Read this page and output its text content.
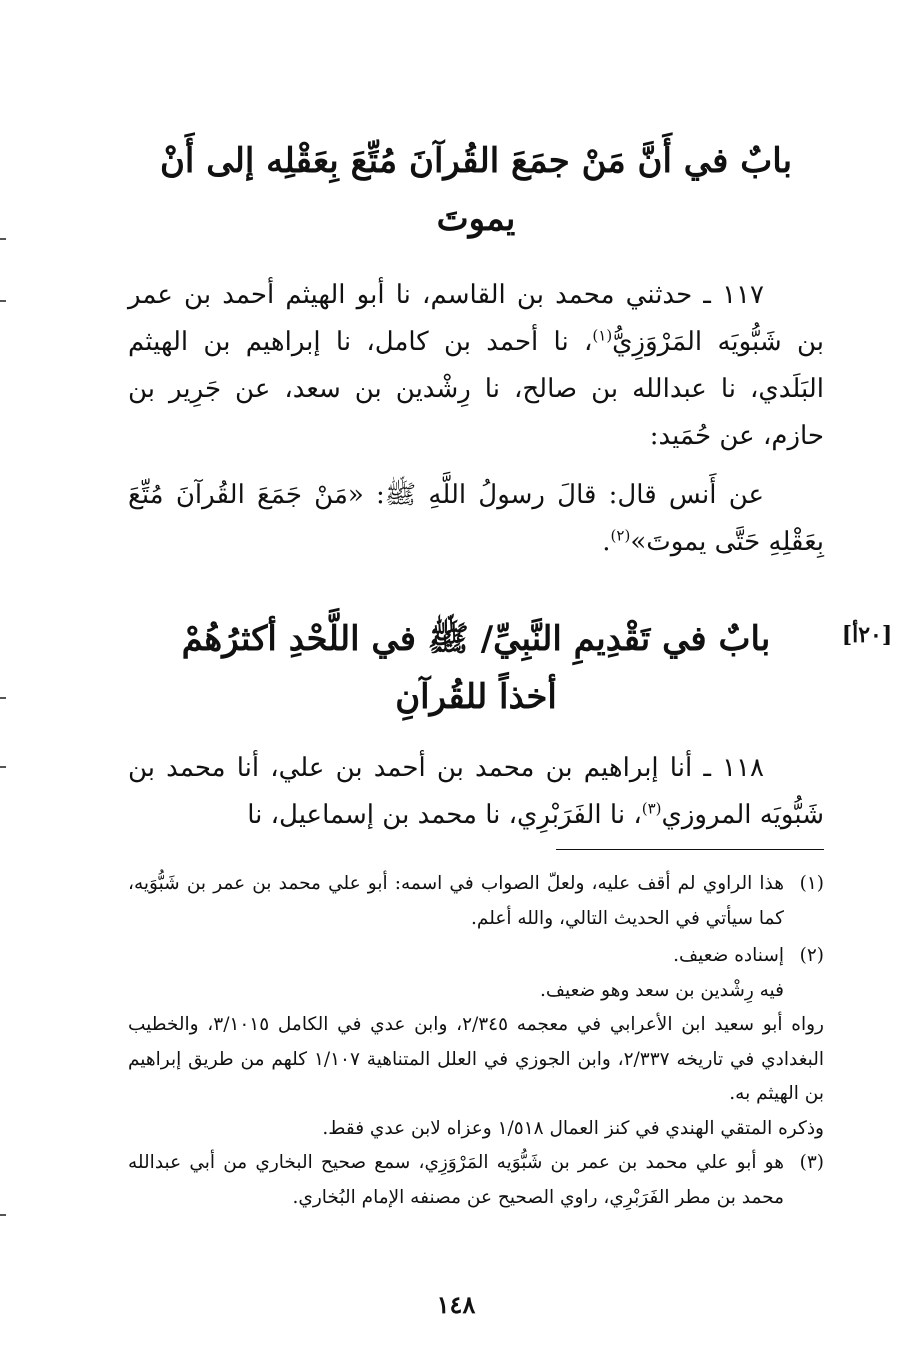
بابٌ في أَنَّ مَنْ جمَعَ القُرآنَ مُتِّعَ بِعَقْلِه إلى أَنْ
يموتَ

١١٧ ـ حدثني محمد بن القاسم، نا أبو الهيثم أحمد بن عمر بن شَبُّويَه المَرْوَزِيُّ$^{(١)}$، نا أحمد بن كامل، نا إبراهيم بن الهيثم البَلَدي، نا عبدالله بن صالح، نا رِشْدين بن سعد، عن جَرِير بن حازم، عن حُمَيد:

عن أَنس قال: قالَ رسولُ اللَّهِ ﷺ: «مَنْ جَمَعَ القُرآنَ مُتِّعَ بِعَقْلِهِ حَتَّى يموتَ»$^{(٢)}$.

[٢٠أ]
بابٌ في تَقْدِيمِ النَّبِيِّ/ ﷺ في اللَّحْدِ أكثرُهُمْ
أخذاً للقُرآنِ

١١٨ ـ أنا إبراهيم بن محمد بن أحمد بن علي، أنا محمد بن شَبُّويَه المروزي$^{(٣)}$، نا الفَرَبْرِي، نا محمد بن إسماعيل، نا

(١)
هذا الراوي لم أقف عليه، ولعلّ الصواب في اسمه: أبو علي محمد بن عمر بن شَبُّوَيه، كما سيأتي في الحديث التالي، والله أعلم.
(٢)
إسناده ضعيف.
فيه رِشْدين بن سعد وهو ضعيف.
رواه أبو سعيد ابن الأعرابي في معجمه ٢/٣٤٥، وابن عدي في الكامل ٣/١٠١٥، والخطيب البغدادي في تاريخه ٢/٣٣٧، وابن الجوزي في العلل المتناهية ١/١٠٧ كلهم من طريق إبراهيم بن الهيثم به.
وذكره المتقي الهندي في كنز العمال ١/٥١٨ وعزاه لابن عدي فقط.
(٣)
هو أبو علي محمد بن عمر بن شَبُّوَيه المَرْوَزِي، سمع صحيح البخاري من أبي عبدالله محمد بن مطر الفَرَبْرِي، راوي الصحيح عن مصنفه الإمام البُخاري.
١٤٨
